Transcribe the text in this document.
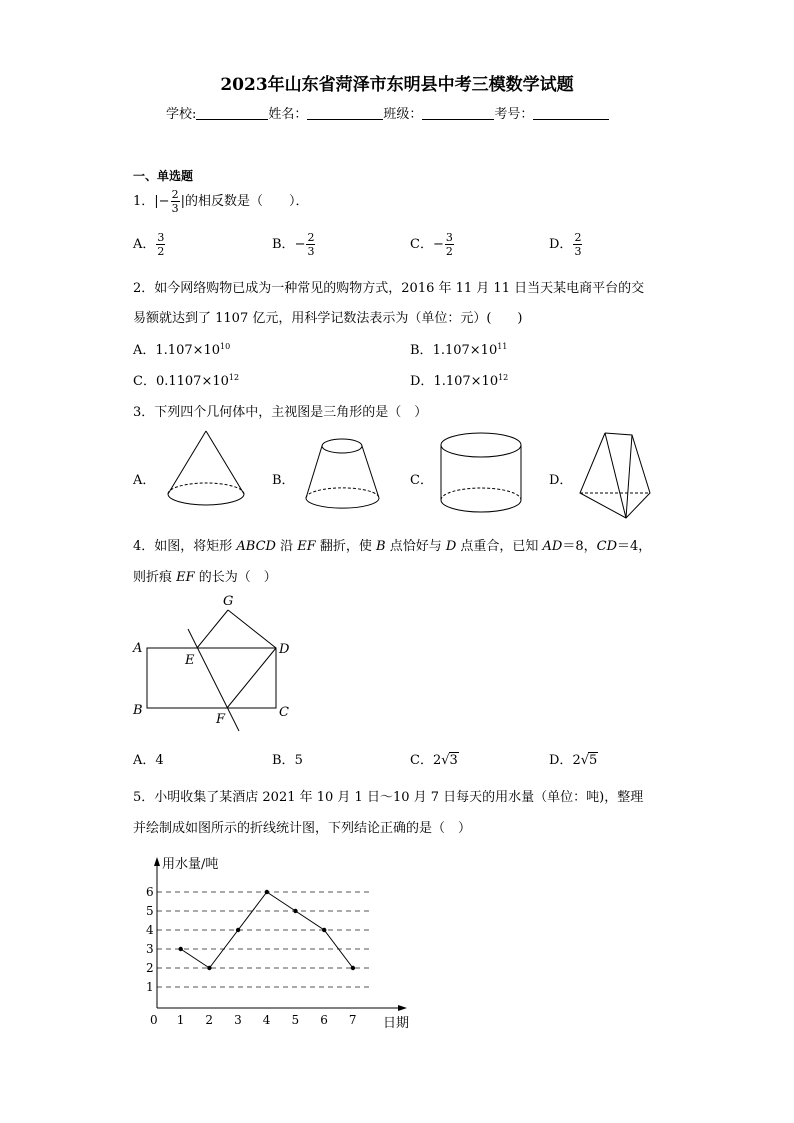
2023年山东省菏泽市东明县中考三模数学试题
学校:	姓名：	班级：	考号：
一、单选题
1．|− $\frac{2}{3}$ |的相反数是（　　）．
A． $\frac{3}{2}$	B．− $\frac{2}{3}$	C．− $\frac{3}{2}$	D． $\frac{2}{3}$
2．如今网络购物已成为一种常见的购物方式，2016 年 11 月 11 日当天某电商平台的交
易额就达到了 1107 亿元，用科学记数法表示为（单位：元）(　　)
A．$1.107\times 10^{10}$	B．$1.107\times 10^{11}$
C．$0.1107\times 10^{12}$	D．$1.107\times 10^{12}$
3．下列四个几何体中，主视图是三角形的是（　）
A．	B．	C．	D．
4．如图，将矩形 ABCD 沿 EF 翻折，使 B 点恰好与 D 点重合，已知 AD＝8，CD＝4，
则折痕 EF 的长为（　）
A
B	C
D
E
F
G
A．4	B．5	C．2√3	D．2√5
5．小明收集了某酒店 2021 年 10 月 1 日～10 月 7 日每天的用水量（单位：吨)，整理
并绘制成如图所示的折线统计图，下列结论正确的是（　）
用水量/吨
日期
0
1
2
3
4
5
6
1 2 3 4 5 6 7
